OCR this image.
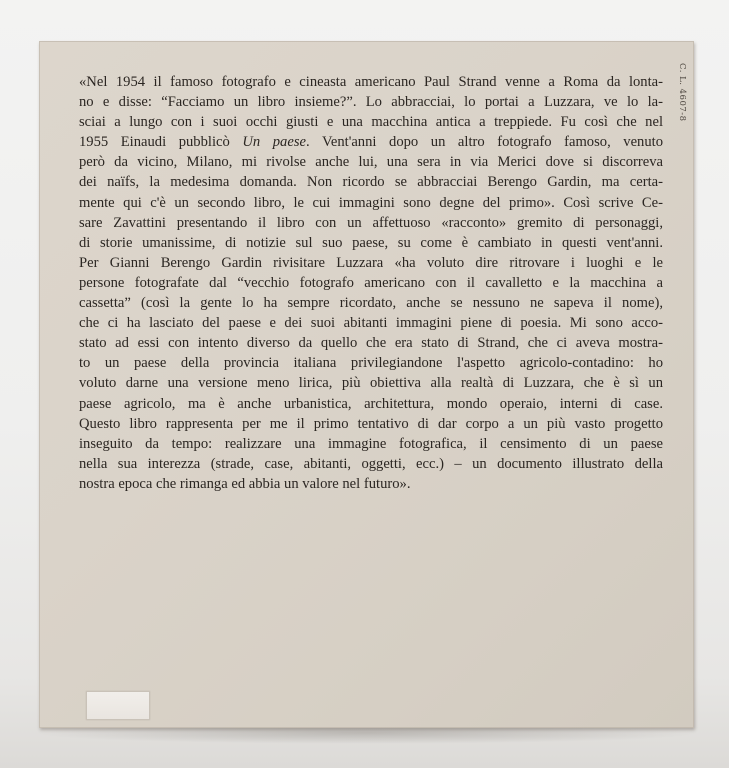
C. L. 4607-8
«Nel 1954 il famoso fotografo e cineasta americano Paul Strand venne a Roma da lonta-
no e disse: “Facciamo un libro insieme?”. Lo abbracciai, lo portai a Luzzara, ve lo la-
sciai a lungo con i suoi occhi giusti e una macchina antica a treppiede. Fu così che nel
1955 Einaudi pubblicò Un paese. Vent'anni dopo un altro fotografo famoso, venuto
però da vicino, Milano, mi rivolse anche lui, una sera in via Merici dove si discorreva
dei naïfs, la medesima domanda. Non ricordo se abbracciai Berengo Gardin, ma certa-
mente qui c'è un secondo libro, le cui immagini sono degne del primo». Così scrive Ce-
sare Zavattini presentando il libro con un affettuoso «racconto» gremito di personaggi,
di storie umanissime, di notizie sul suo paese, su come è cambiato in questi vent'anni.
Per Gianni Berengo Gardin rivisitare Luzzara «ha voluto dire ritrovare i luoghi e le
persone fotografate dal “vecchio fotografo americano con il cavalletto e la macchina a
cassetta” (così la gente lo ha sempre ricordato, anche se nessuno ne sapeva il nome),
che ci ha lasciato del paese e dei suoi abitanti immagini piene di poesia. Mi sono acco-
stato ad essi con intento diverso da quello che era stato di Strand, che ci aveva mostra-
to un paese della provincia italiana privilegiandone l'aspetto agricolo-contadino: ho
voluto darne una versione meno lirica, più obiettiva alla realtà di Luzzara, che è sì un
paese agricolo, ma è anche urbanistica, architettura, mondo operaio, interni di case.
Questo libro rappresenta per me il primo tentativo di dar corpo a un più vasto progetto
inseguito da tempo: realizzare una immagine fotografica, il censimento di un paese
nella sua interezza (strade, case, abitanti, oggetti, ecc.) – un documento illustrato della
nostra epoca che rimanga ed abbia un valore nel futuro».
